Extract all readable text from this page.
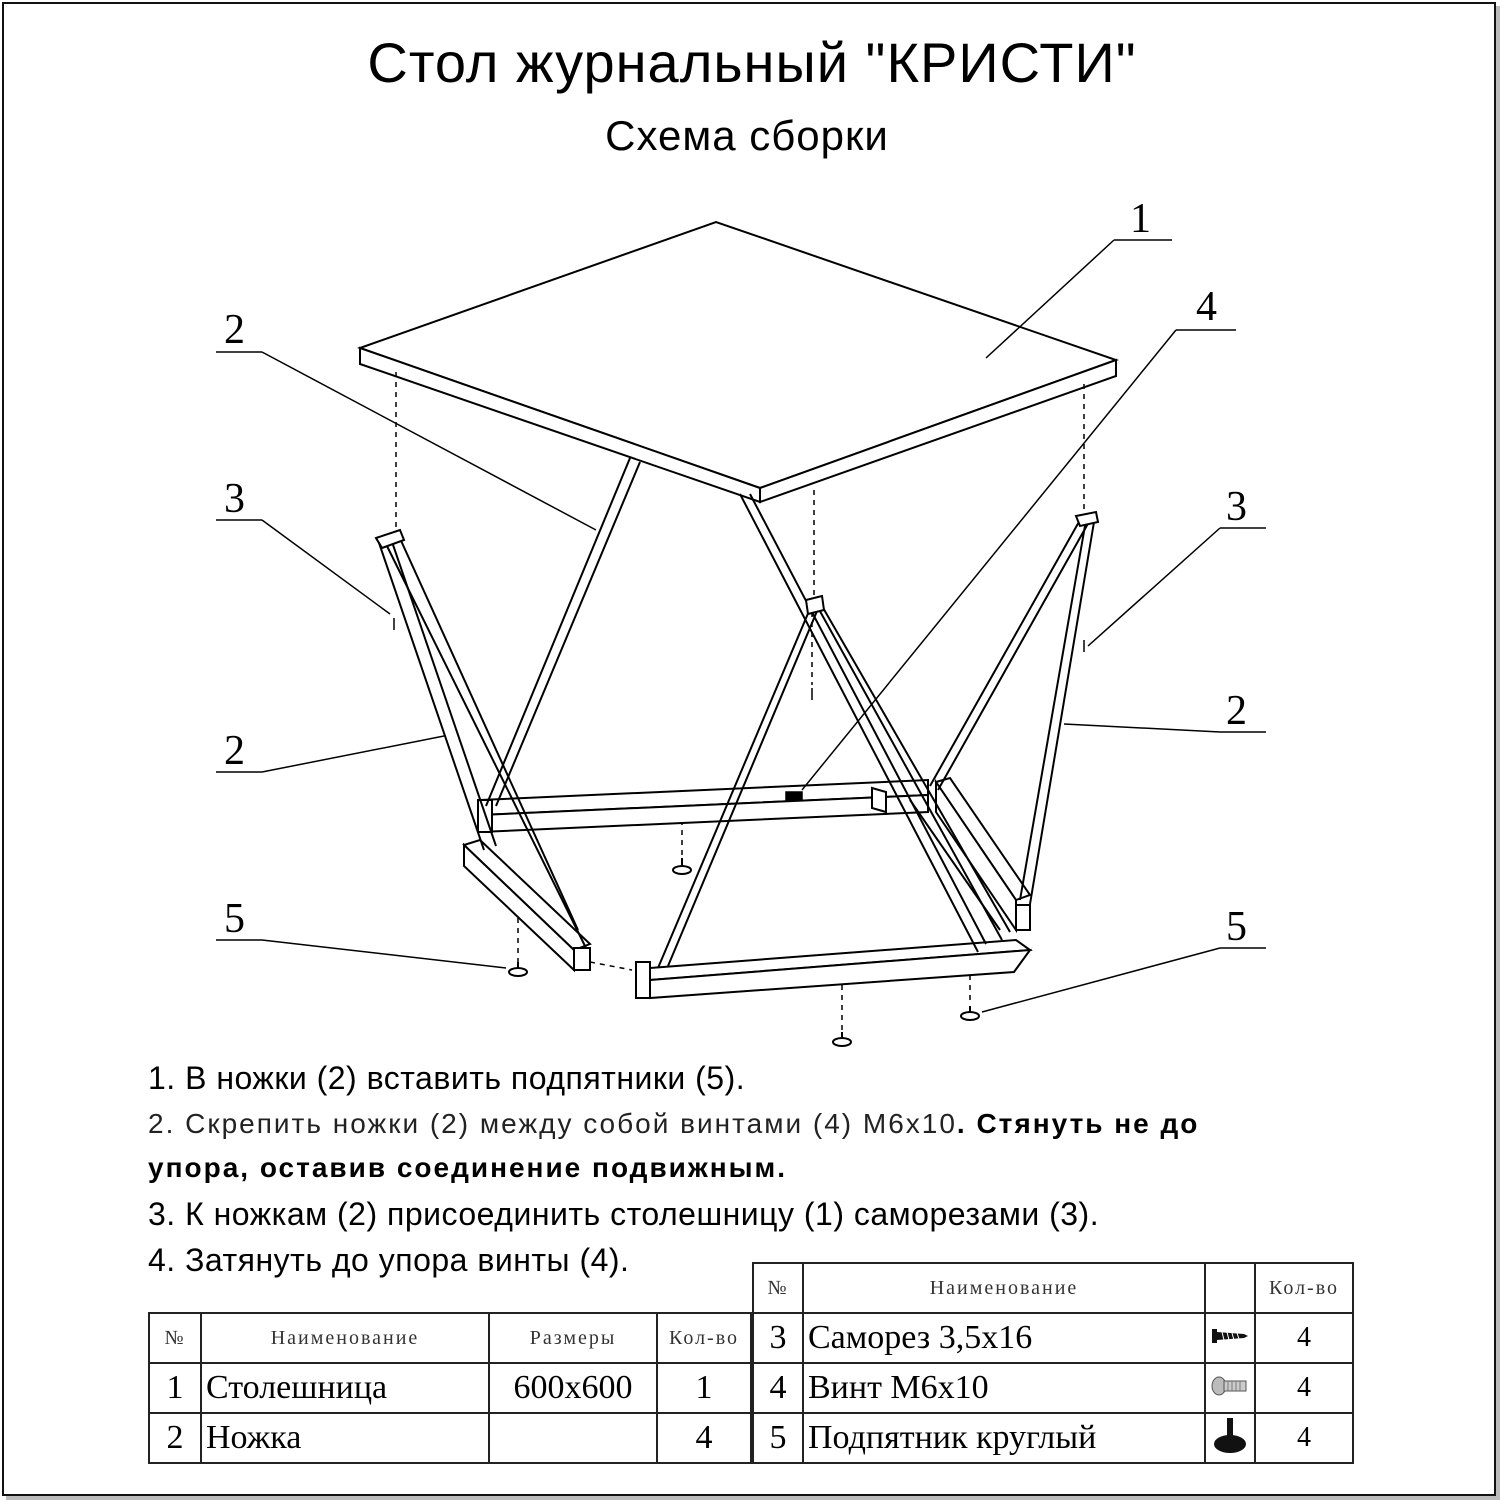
Стол журнальный "КРИСТИ"
Схема сборки
1
4
2
3
2
5
3
2
5
1. В ножки (2) вставить подпятники (5).
2. Скрепить ножки (2) между собой винтами (4) М6х10. Стянуть не до
упора, оставив соединение подвижным.
3. К ножкам (2) присоединить столешницу (1) саморезами (3).
4. Затянуть до упора винты (4).
№	Наименование	Размеры	Кол-во
1	Столешница	600х600	1
2	Ножка		4
№	Наименование		Кол-во
3	Саморез 3,5х16		4
4	Винт М6х10		4
5	Подпятник круглый		4
